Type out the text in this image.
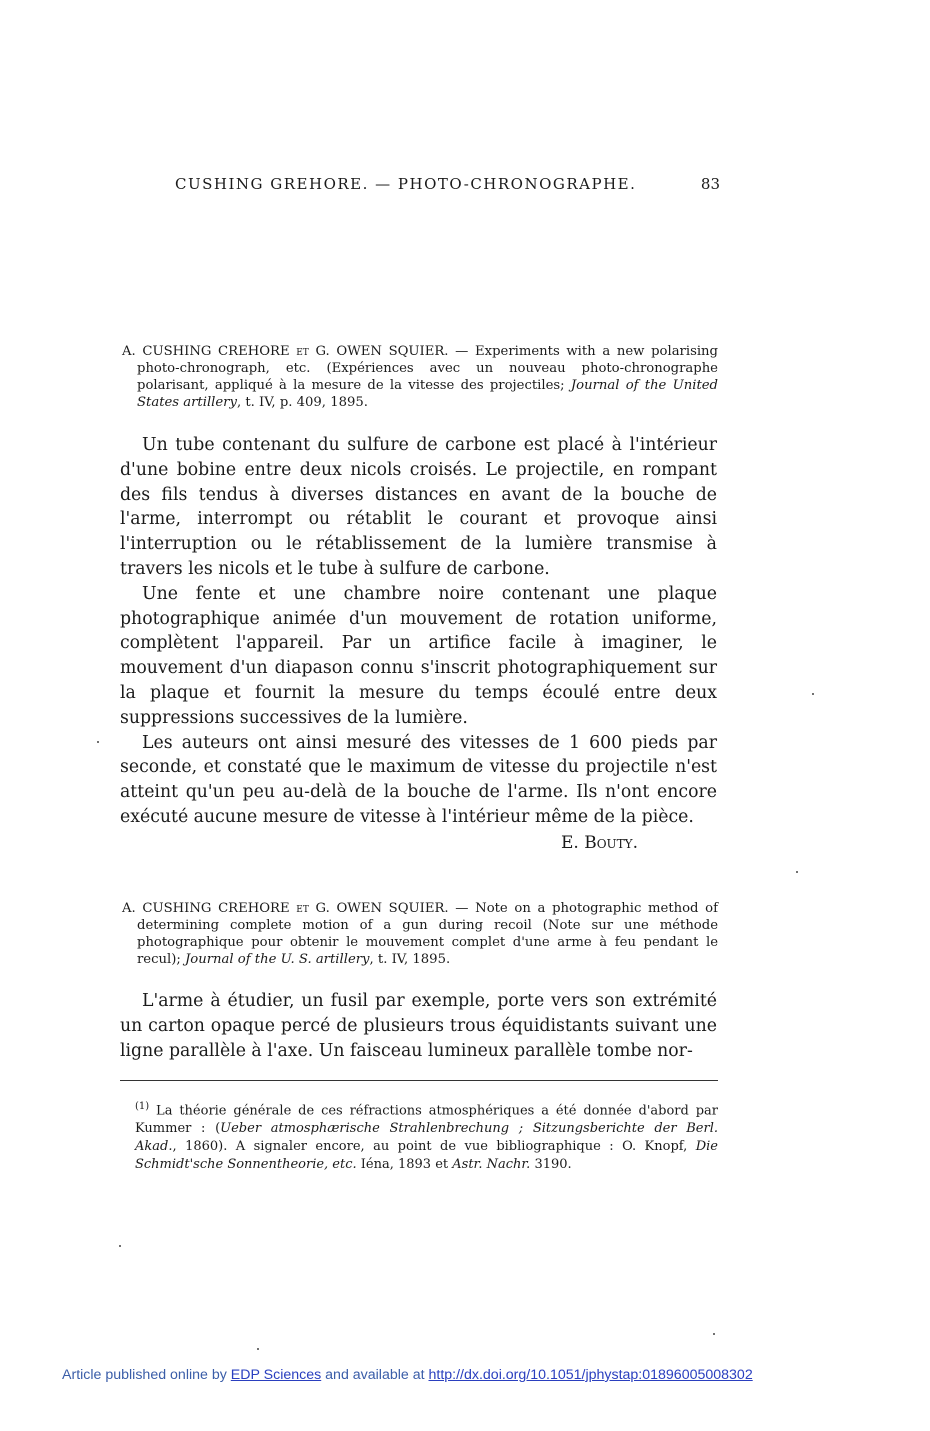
CUSHING GREHORE. — PHOTO-CHRONOGRAPHE.	83
A. CUSHING CREHORE et G. OWEN SQUIER. — Experiments with a new polarising photo-chronograph, etc. (Expériences avec un nouveau photo-chronographe polarisant, appliqué à la mesure de la vitesse des projectiles; Journal of the United States artillery, t. IV, p. 409, 1895.

Un tube contenant du sulfure de carbone est placé à l'intérieur d'une bobine entre deux nicols croisés. Le projectile, en rompant des fils tendus à diverses distances en avant de la bouche de l'arme, interrompt ou rétablit le courant et provoque ainsi l'interruption ou le rétablissement de la lumière transmise à travers les nicols et le tube à sulfure de carbone.

Une fente et une chambre noire contenant une plaque photographique animée d'un mouvement de rotation uniforme, complètent l'appareil. Par un artifice facile à imaginer, le mouvement d'un diapason connu s'inscrit photographiquement sur la plaque et fournit la mesure du temps écoulé entre deux suppressions successives de la lumière.

Les auteurs ont ainsi mesuré des vitesses de 1 600 pieds par seconde, et constaté que le maximum de vitesse du projectile n'est atteint qu'un peu au-delà de la bouche de l'arme. Ils n'ont encore exécuté aucune mesure de vitesse à l'intérieur même de la pièce.

E. Bouty.
A. CUSHING CREHORE et G. OWEN SQUIER. — Note on a photographic method of determining complete motion of a gun during recoil (Note sur une méthode photographique pour obtenir le mouvement complet d'une arme à feu pendant le recul); Journal of the U. S. artillery, t. IV, 1895.

L'arme à étudier, un fusil par exemple, porte vers son extrémité un carton opaque percé de plusieurs trous équidistants suivant une ligne parallèle à l'axe. Un faisceau lumineux parallèle tombe nor-

$^{(1)}$ La théorie générale de ces réfractions atmosphériques a été donnée d'abord par Kummer : (Ueber atmosphærische Strahlenbrechung ; Sitzungsberichte der Berl. Akad., 1860). A signaler encore, au point de vue bibliographique : O. Knopf, Die Schmidt'sche Sonnentheorie, etc. Iéna, 1893 et Astr. Nachr. 3190.
Article published online by EDP Sciences and available at http://dx.doi.org/10.1051/jphystap:01896005008302
